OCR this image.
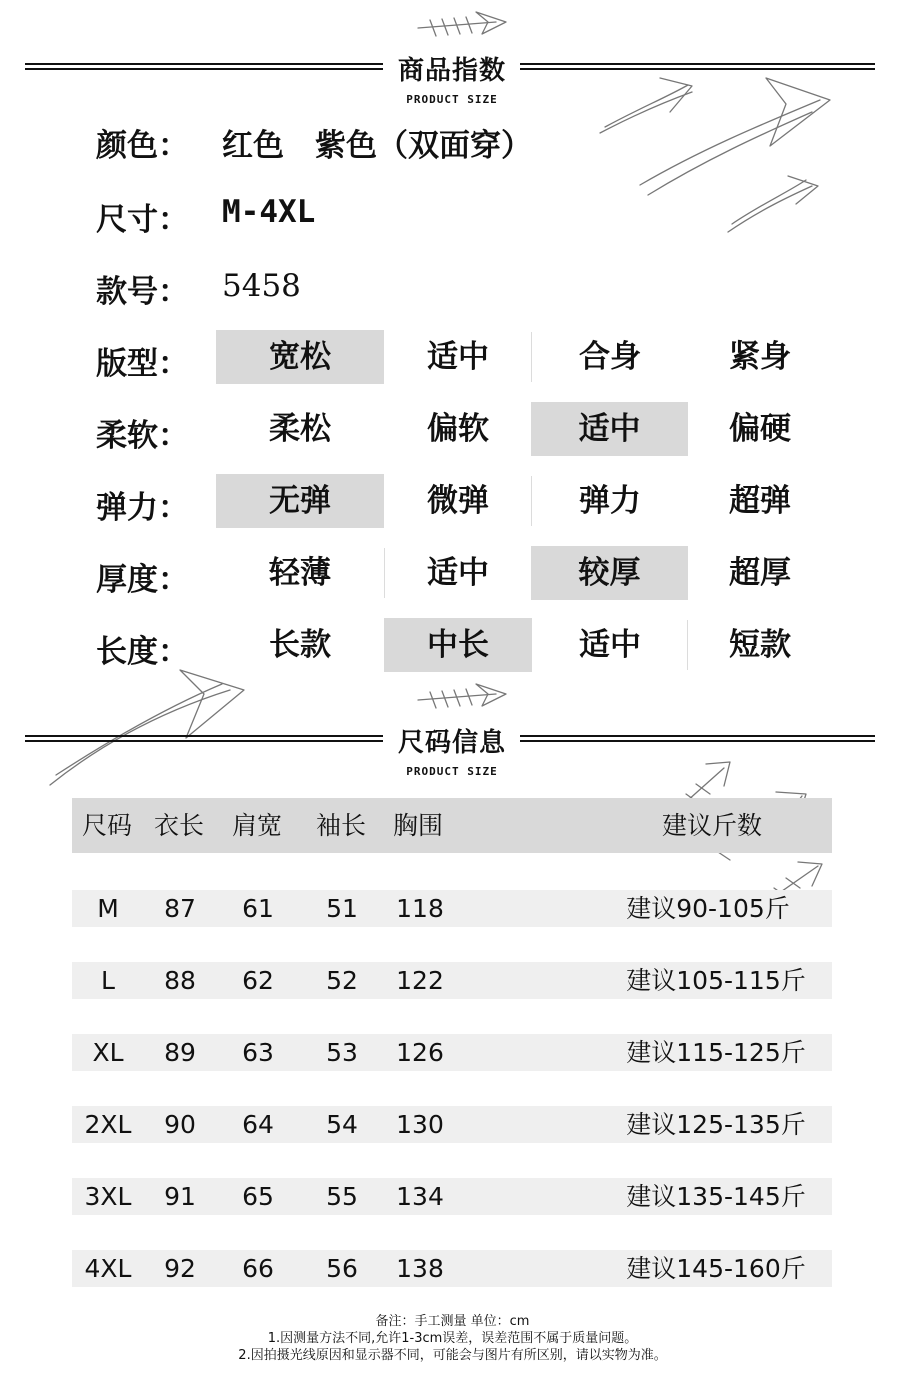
商品指数
PRODUCT SIZE
颜色： 红色　紫色（双面穿）
尺寸： M-4XL
款号： 5458
版型：	宽松	适中	合身	紧身
柔软：	柔松	偏软	适中	偏硬
弹力：	无弹	微弹	弹力	超弹
厚度：	轻薄	适中	较厚	超厚
长度：	长款	中长	适中	短款
尺码信息
PRODUCT SIZE
尺码 衣长 肩宽 袖长 胸围	建议斤数
M	87	61	51	118	建议90-105斤
L	88	62	52	122	建议105-115斤
XL	89	63	53	126	建议115-125斤
2XL	90	64	54	130	建议125-135斤
3XL	91	65	55	134	建议135-145斤
4XL	92	66	56	138	建议145-160斤
备注：手工测量 单位：cm
1.因测量方法不同,允许1-3cm误差，误差范围不属于质量问题。
2.因拍摄光线原因和显示器不同，可能会与图片有所区别，请以实物为准。
